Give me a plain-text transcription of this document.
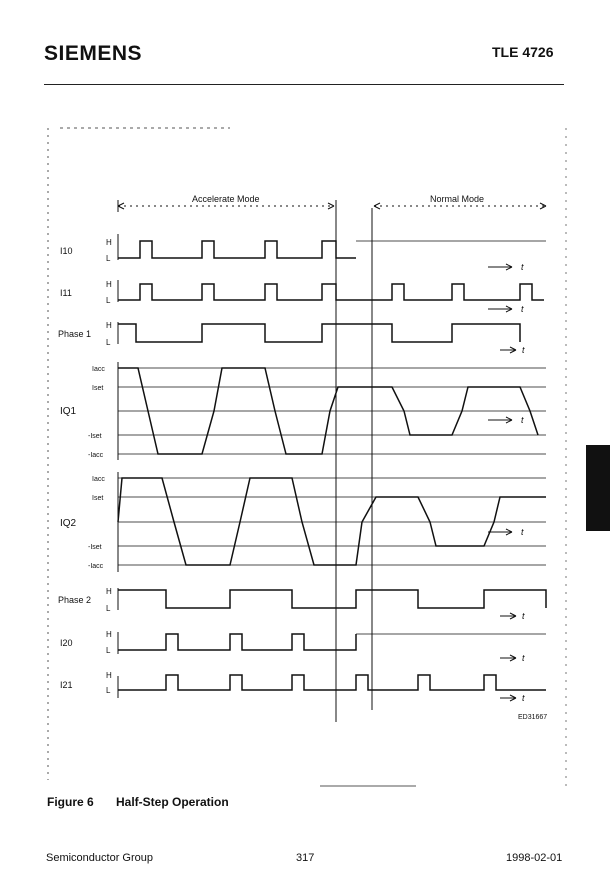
SIEMENS	TLE 4726
Accelerate Mode	Normal Mode
I10
I11
Phase 1
IQ1
IQ2
Phase 2
I20
I21
H
L
H
L
H
L
H
L
H
L
H
L
Iacc
Iset
-Iset
-Iacc
Iacc
Iset
-Iset
-Iacc
t
t
t
t
t
t
t
t
ED31667
Figure 6 Half-Step Operation
Semiconductor Group	317	1998-02-01
